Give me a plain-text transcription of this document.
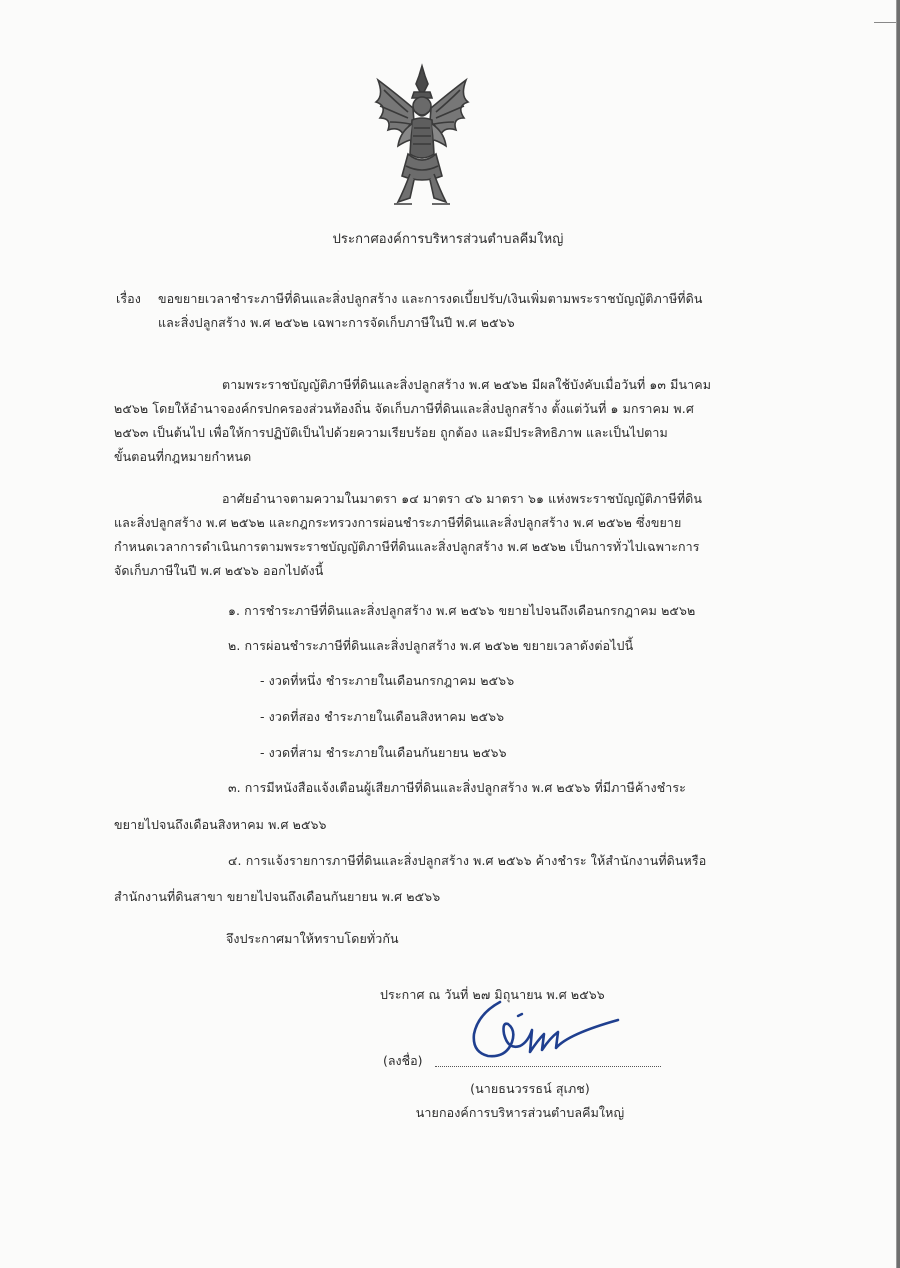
ประกาศองค์การบริหารส่วนตำบลคีมใหญ่
เรื่อง ขอขยายเวลาชำระภาษีที่ดินและสิ่งปลูกสร้าง และการงดเบี้ยปรับ/เงินเพิ่มตามพระราชบัญญัติภาษีที่ดิน
และสิ่งปลูกสร้าง พ.ศ ๒๕๖๒ เฉพาะการจัดเก็บภาษีในปี พ.ศ ๒๕๖๖
ตามพระราชบัญญัติภาษีที่ดินและสิ่งปลูกสร้าง พ.ศ ๒๕๖๒ มีผลใช้บังคับเมื่อวันที่ ๑๓ มีนาคม
๒๕๖๒ โดยให้อำนาจองค์กรปกครองส่วนท้องถิ่น จัดเก็บภาษีที่ดินและสิ่งปลูกสร้าง ตั้งแต่วันที่ ๑ มกราคม พ.ศ
๒๕๖๓ เป็นต้นไป เพื่อให้การปฏิบัติเป็นไปด้วยความเรียบร้อย ถูกต้อง และมีประสิทธิภาพ และเป็นไปตาม
ขั้นตอนที่กฎหมายกำหนด
อาศัยอำนาจตามความในมาตรา ๑๔ มาตรา ๔๖ มาตรา ๖๑ แห่งพระราชบัญญัติภาษีที่ดิน
และสิ่งปลูกสร้าง พ.ศ ๒๕๖๒ และกฎกระทรวงการผ่อนชำระภาษีที่ดินและสิ่งปลูกสร้าง พ.ศ ๒๕๖๒ ซึ่งขยาย
กำหนดเวลาการดำเนินการตามพระราชบัญญัติภาษีที่ดินและสิ่งปลูกสร้าง พ.ศ ๒๕๖๒ เป็นการทั่วไปเฉพาะการ
จัดเก็บภาษีในปี พ.ศ ๒๕๖๖ ออกไปดังนี้
๑. การชำระภาษีที่ดินและสิ่งปลูกสร้าง พ.ศ ๒๕๖๖ ขยายไปจนถึงเดือนกรกฎาคม ๒๕๖๒
๒. การผ่อนชำระภาษีที่ดินและสิ่งปลูกสร้าง พ.ศ ๒๕๖๒ ขยายเวลาดังต่อไปนี้
- งวดที่หนึ่ง ชำระภายในเดือนกรกฎาคม ๒๕๖๖
- งวดที่สอง ชำระภายในเดือนสิงหาคม ๒๕๖๖
- งวดที่สาม ชำระภายในเดือนกันยายน ๒๕๖๖
๓. การมีหนังสือแจ้งเตือนผู้เสียภาษีที่ดินและสิ่งปลูกสร้าง พ.ศ ๒๕๖๖ ที่มีภาษีค้างชำระ
ขยายไปจนถึงเดือนสิงหาคม พ.ศ ๒๕๖๖
๔. การแจ้งรายการภาษีที่ดินและสิ่งปลูกสร้าง พ.ศ ๒๕๖๖ ค้างชำระ ให้สำนักงานที่ดินหรือ
สำนักงานที่ดินสาขา ขยายไปจนถึงเดือนกันยายน พ.ศ ๒๕๖๖
จึงประกาศมาให้ทราบโดยทั่วกัน
ประกาศ ณ วันที่ ๒๗ มิถุนายน พ.ศ ๒๕๖๖
(ลงชื่อ)
(นายธนวรรธน์ สุเภช)
นายกองค์การบริหารส่วนตำบลคีมใหญ่
